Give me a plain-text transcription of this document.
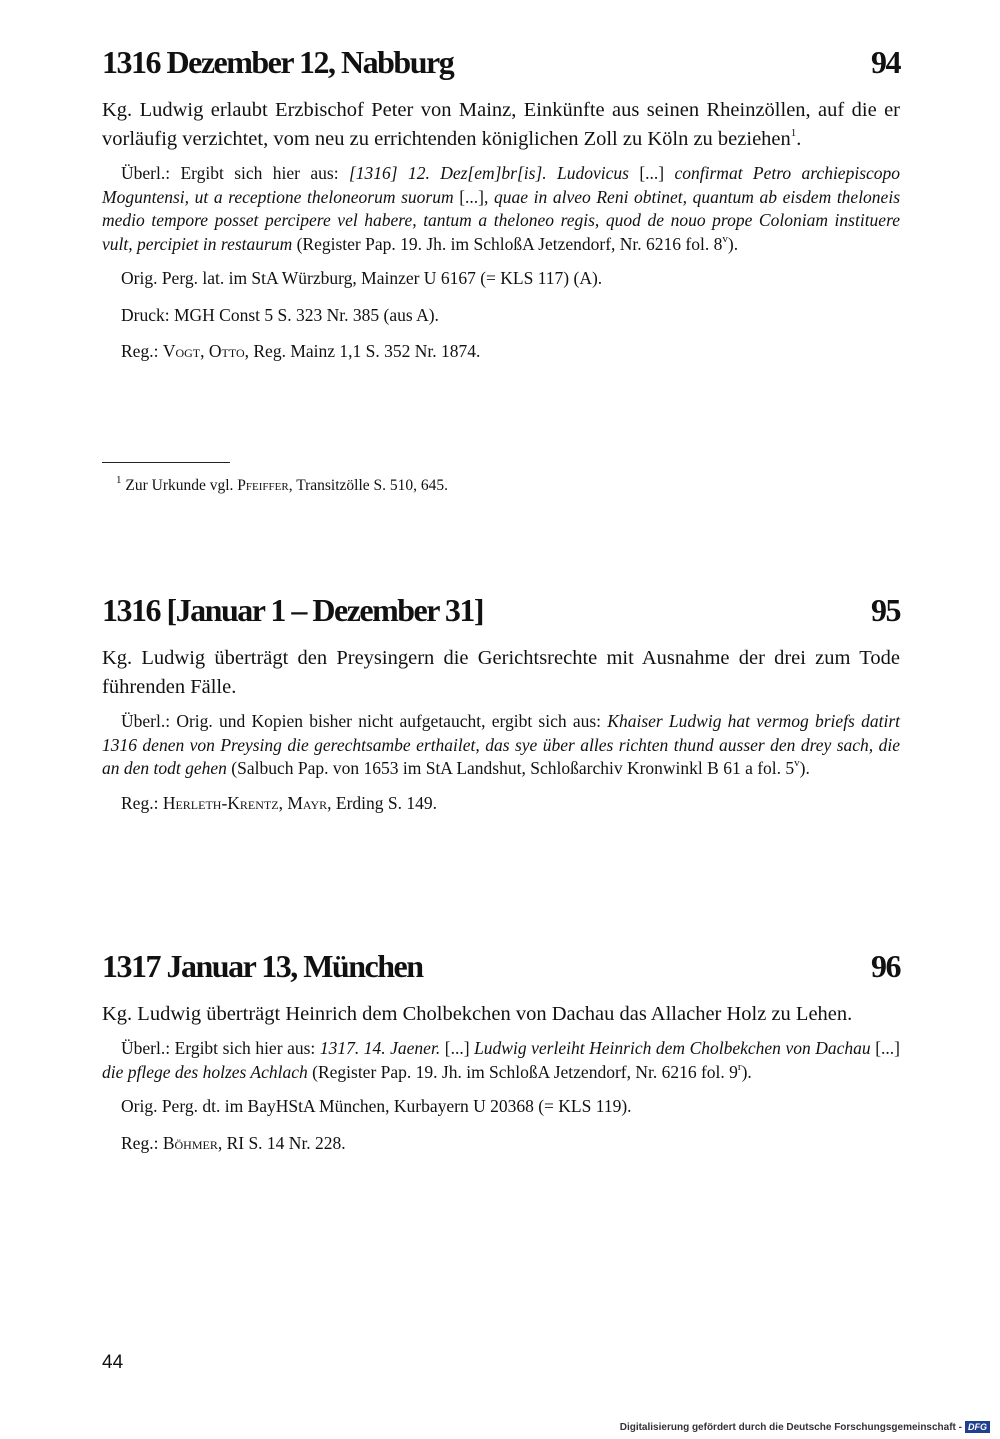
1316 Dezember 12, Nabburg	94

Kg. Ludwig erlaubt Erzbischof Peter von Mainz, Einkünfte aus seinen Rheinzöllen, auf die er vorläufig verzichtet, vom neu zu errichtenden königlichen Zoll zu Köln zu beziehen$^1$.

Überl.: Ergibt sich hier aus: [1316] 12. Dez[em]br[is]. Ludovicus [...] confirmat Petro archiepiscopo Moguntensi, ut a receptione theloneorum suorum [...], quae in alveo Reni obtinet, quantum ab eisdem theloneis medio tempore posset percipere vel habere, tantum a theloneo regis, quod de nouo prope Coloniam instituere vult, percipiet in restaurum (Register Pap. 19. Jh. im SchloßA Jetzendorf, Nr. 6216 fol. 8$^v$).

Orig. Perg. lat. im StA Würzburg, Mainzer U 6167 (= KLS 117) (A).

Druck: MGH Const 5 S. 323 Nr. 385 (aus A).

Reg.: Vogt, Otto, Reg. Mainz 1,1 S. 352 Nr. 1874.

$^1$ Zur Urkunde vgl. Pfeiffer, Transitzölle S. 510, 645.
1316 [Januar 1 – Dezember 31]	95

Kg. Ludwig überträgt den Preysingern die Gerichtsrechte mit Ausnahme der drei zum Tode führenden Fälle.

Überl.: Orig. und Kopien bisher nicht aufgetaucht, ergibt sich aus: Khaiser Ludwig hat vermog briefs datirt 1316 denen von Preysing die gerechtsambe erthailet, das sye über alles richten thund ausser den drey sach, die an den todt gehen (Salbuch Pap. von 1653 im StA Landshut, Schloßarchiv Kronwinkl B 61 a fol. 5$^v$).

Reg.: Herleth-Krentz, Mayr, Erding S. 149.

1317 Januar 13, München	96

Kg. Ludwig überträgt Heinrich dem Cholbekchen von Dachau das Allacher Holz zu Lehen.

Überl.: Ergibt sich hier aus: 1317. 14. Jaener. [...] Ludwig verleiht Heinrich dem Cholbekchen von Dachau [...] die pflege des holzes Achlach (Register Pap. 19. Jh. im SchloßA Jetzendorf, Nr. 6216 fol. 9$^r$).

Orig. Perg. dt. im BayHStA München, Kurbayern U 20368 (= KLS 119).

Reg.: Böhmer, RI S. 14 Nr. 228.

44
Digitalisierung gefördert durch die Deutsche Forschungsgemeinschaft - DFG
